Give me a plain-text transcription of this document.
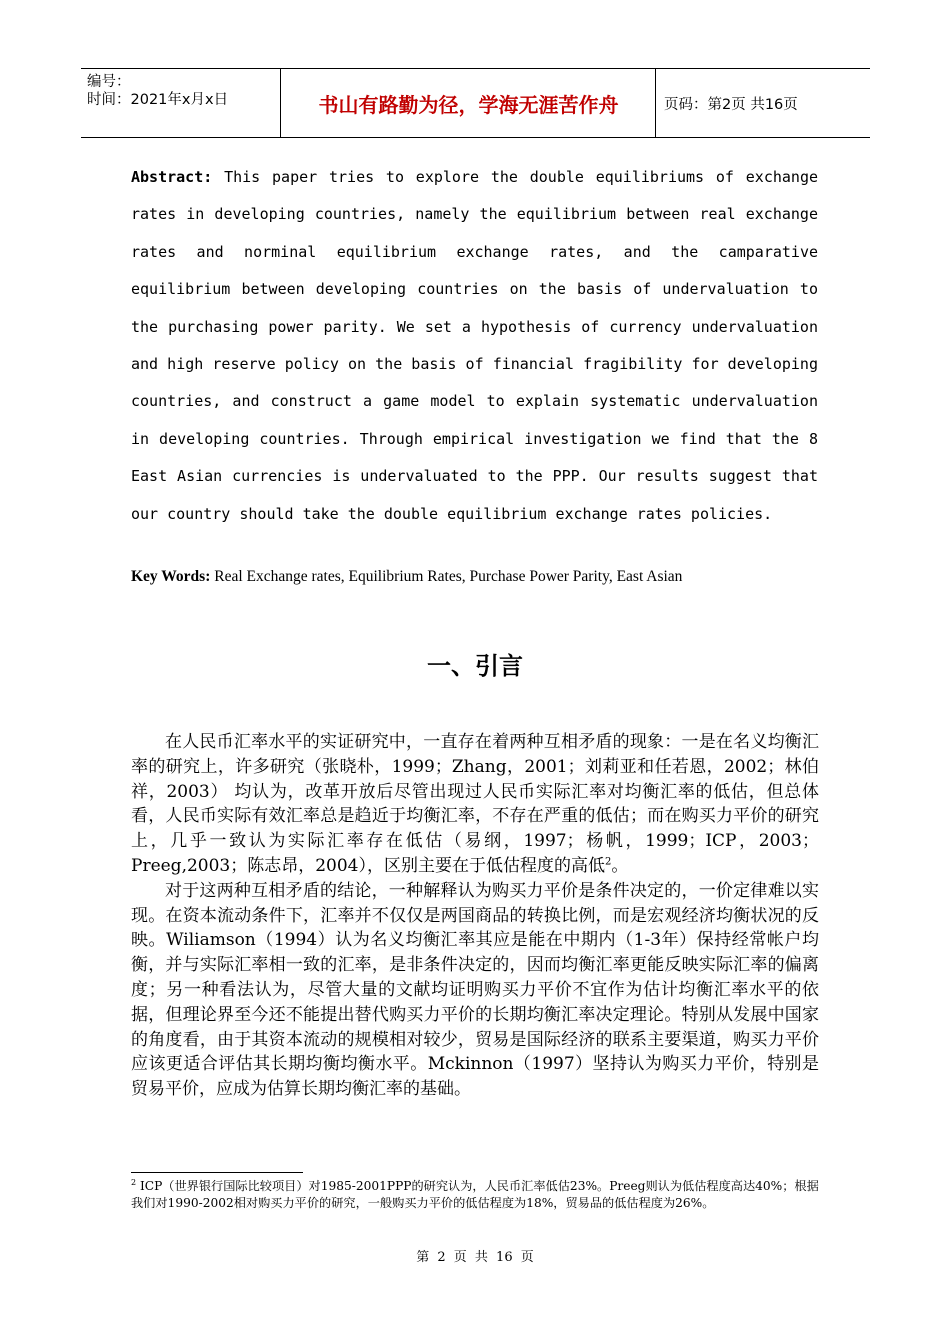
编号：
时间：2021年x月x日	书山有路勤为径，学海无涯苦作舟	页码：第2页 共16页
Abstract: This paper tries to explore the double equilibriums of exchange rates in developing countries, namely the equilibrium between real exchange rates and norminal equilibrium exchange rates, and the camparative equilibrium between developing countries on the basis of undervaluation to the purchasing power parity. We set a hypothesis of currency undervaluation and high reserve policy on the basis of financial fragibility for developing countries, and construct a game model to explain systematic undervaluation in developing countries. Through empirical investigation we find that the 8 East Asian currencies is undervaluated to the PPP. Our results suggest that our country should take the double equilibrium exchange rates policies.
Key Words: Real Exchange rates, Equilibrium Rates, Purchase Power Parity, East Asian
一、引言

在人民币汇率水平的实证研究中，一直存在着两种互相矛盾的现象：一是在名义均衡汇率的研究上，许多研究（张晓朴，1999；Zhang，2001；刘莉亚和任若恩，2002；林伯祥，2003） 均认为，改革开放后尽管出现过人民币实际汇率对均衡汇率的低估，但总体看，人民币实际有效汇率总是趋近于均衡汇率，不存在严重的低估；而在购买力平价的研究上，几乎一致认为实际汇率存在低估（易纲，1997；杨帆，1999；ICP，2003；Preeg,2003；陈志昂，2004），区别主要在于低估程度的高低$^2$。

对于这两种互相矛盾的结论，一种解释认为购买力平价是条件决定的，一价定律难以实现。在资本流动条件下，汇率并不仅仅是两国商品的转换比例，而是宏观经济均衡状况的反映。Wiliamson（1994）认为名义均衡汇率其应是能在中期内（1-3年）保持经常帐户均衡，并与实际汇率相一致的汇率，是非条件决定的，因而均衡汇率更能反映实际汇率的偏离度；另一种看法认为，尽管大量的文献均证明购买力平价不宜作为估计均衡汇率水平的依据，但理论界至今还不能提出替代购买力平价的长期均衡汇率决定理论。特别从发展中国家的角度看，由于其资本流动的规模相对较少，贸易是国际经济的联系主要渠道，购买力平价应该更适合评估其长期均衡均衡水平。Mckinnon（1997）坚持认为购买力平价，特别是贸易平价，应成为估算长期均衡汇率的基础。

$^2$ ICP（世界银行国际比较项目）对1985-2001PPP的研究认为，人民币汇率低估23%。Preeg则认为低估程度高达40%；根据我们对1990-2002相对购买力平价的研究，一般购买力平价的低估程度为18%，贸易品的低估程度为26%。
第 2 页 共 16 页
